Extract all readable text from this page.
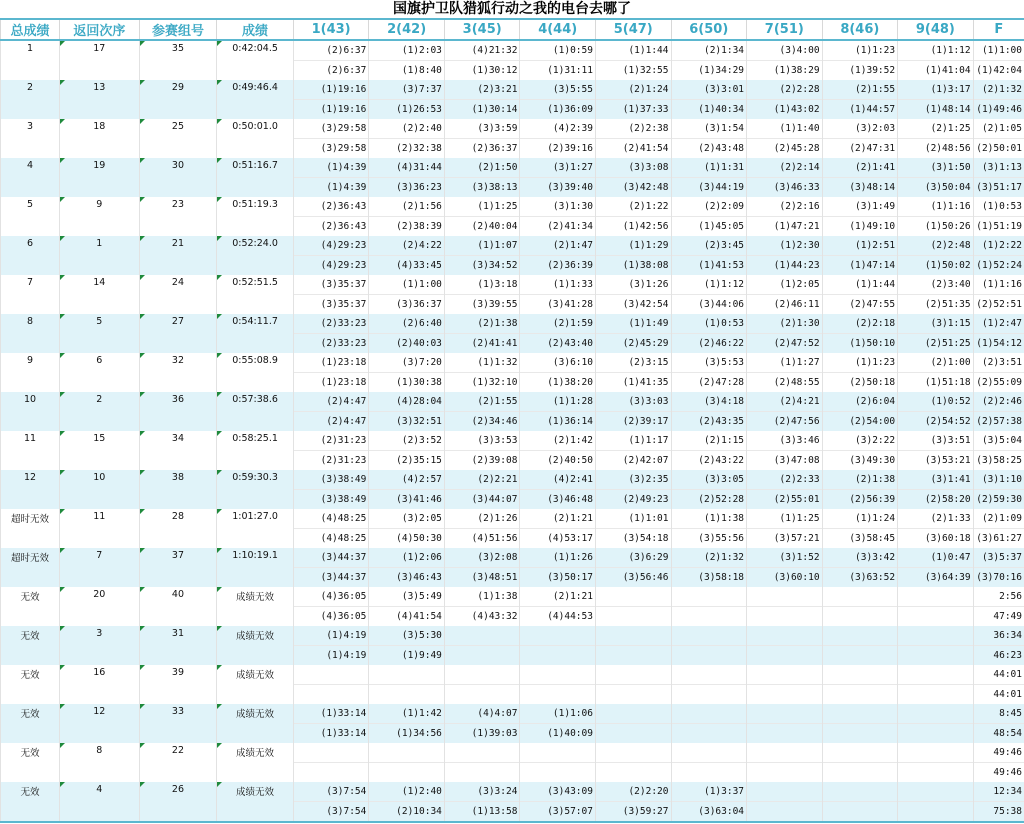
国旗护卫队猎狐行动之我的电台去哪了
总成绩	返回次序	参赛组号	成绩	1(43)	2(42)	3(45)	4(44)	5(47)	6(50)	7(51)	8(46)	9(48)	F
1	17	35	0:42:04.5	(2)6:37	(1)2:03	(4)21:32	(1)0:59	(1)1:44	(2)1:34	(3)4:00	(1)1:23	(1)1:12	(1)1:00
				(2)6:37	(1)8:40	(1)30:12	(1)31:11	(1)32:55	(1)34:29	(1)38:29	(1)39:52	(1)41:04	(1)42:04
2	13	29	0:49:46.4	(1)19:16	(3)7:37	(2)3:21	(3)5:55	(2)1:24	(3)3:01	(2)2:28	(2)1:55	(1)3:17	(2)1:32
				(1)19:16	(1)26:53	(1)30:14	(1)36:09	(1)37:33	(1)40:34	(1)43:02	(1)44:57	(1)48:14	(1)49:46
3	18	25	0:50:01.0	(3)29:58	(2)2:40	(3)3:59	(4)2:39	(2)2:38	(3)1:54	(1)1:40	(3)2:03	(2)1:25	(2)1:05
				(3)29:58	(2)32:38	(2)36:37	(2)39:16	(2)41:54	(2)43:48	(2)45:28	(2)47:31	(2)48:56	(2)50:01
4	19	30	0:51:16.7	(1)4:39	(4)31:44	(2)1:50	(3)1:27	(3)3:08	(1)1:31	(2)2:14	(2)1:41	(3)1:50	(3)1:13
				(1)4:39	(3)36:23	(3)38:13	(3)39:40	(3)42:48	(3)44:19	(3)46:33	(3)48:14	(3)50:04	(3)51:17
5	9	23	0:51:19.3	(2)36:43	(2)1:56	(1)1:25	(3)1:30	(2)1:22	(2)2:09	(2)2:16	(3)1:49	(1)1:16	(1)0:53
				(2)36:43	(2)38:39	(2)40:04	(2)41:34	(1)42:56	(1)45:05	(1)47:21	(1)49:10	(1)50:26	(1)51:19
6	1	21	0:52:24.0	(4)29:23	(2)4:22	(1)1:07	(2)1:47	(1)1:29	(2)3:45	(1)2:30	(1)2:51	(2)2:48	(1)2:22
				(4)29:23	(4)33:45	(3)34:52	(2)36:39	(1)38:08	(1)41:53	(1)44:23	(1)47:14	(1)50:02	(1)52:24
7	14	24	0:52:51.5	(3)35:37	(1)1:00	(1)3:18	(1)1:33	(3)1:26	(1)1:12	(1)2:05	(1)1:44	(2)3:40	(1)1:16
				(3)35:37	(3)36:37	(3)39:55	(3)41:28	(3)42:54	(3)44:06	(2)46:11	(2)47:55	(2)51:35	(2)52:51
8	5	27	0:54:11.7	(2)33:23	(2)6:40	(2)1:38	(2)1:59	(1)1:49	(1)0:53	(2)1:30	(2)2:18	(3)1:15	(1)2:47
				(2)33:23	(2)40:03	(2)41:41	(2)43:40	(2)45:29	(2)46:22	(2)47:52	(1)50:10	(2)51:25	(1)54:12
9	6	32	0:55:08.9	(1)23:18	(3)7:20	(1)1:32	(3)6:10	(2)3:15	(3)5:53	(1)1:27	(1)1:23	(2)1:00	(2)3:51
				(1)23:18	(1)30:38	(1)32:10	(1)38:20	(1)41:35	(2)47:28	(2)48:55	(2)50:18	(1)51:18	(2)55:09
10	2	36	0:57:38.6	(2)4:47	(4)28:04	(2)1:55	(1)1:28	(3)3:03	(3)4:18	(2)4:21	(2)6:04	(1)0:52	(2)2:46
				(2)4:47	(3)32:51	(2)34:46	(1)36:14	(2)39:17	(2)43:35	(2)47:56	(2)54:00	(2)54:52	(2)57:38
11	15	34	0:58:25.1	(2)31:23	(2)3:52	(3)3:53	(2)1:42	(1)1:17	(2)1:15	(3)3:46	(3)2:22	(3)3:51	(3)5:04
				(2)31:23	(2)35:15	(2)39:08	(2)40:50	(2)42:07	(2)43:22	(3)47:08	(3)49:30	(3)53:21	(3)58:25
12	10	38	0:59:30.3	(3)38:49	(4)2:57	(2)2:21	(4)2:41	(3)2:35	(3)3:05	(2)2:33	(2)1:38	(3)1:41	(3)1:10
				(3)38:49	(3)41:46	(3)44:07	(3)46:48	(2)49:23	(2)52:28	(2)55:01	(2)56:39	(2)58:20	(2)59:30
超时无效	11	28	1:01:27.0	(4)48:25	(3)2:05	(2)1:26	(2)1:21	(1)1:01	(1)1:38	(1)1:25	(1)1:24	(2)1:33	(2)1:09
				(4)48:25	(4)50:30	(4)51:56	(4)53:17	(3)54:18	(3)55:56	(3)57:21	(3)58:45	(3)60:18	(3)61:27
超时无效	7	37	1:10:19.1	(3)44:37	(1)2:06	(3)2:08	(1)1:26	(3)6:29	(2)1:32	(3)1:52	(3)3:42	(1)0:47	(3)5:37
				(3)44:37	(3)46:43	(3)48:51	(3)50:17	(3)56:46	(3)58:18	(3)60:10	(3)63:52	(3)64:39	(3)70:16
无效	20	40	成绩无效	(4)36:05	(3)5:49	(1)1:38	(2)1:21						2:56
				(4)36:05	(4)41:54	(4)43:32	(4)44:53						47:49
无效	3	31	成绩无效	(1)4:19	(3)5:30								36:34
				(1)4:19	(1)9:49								46:23
无效	16	39	成绩无效										44:01
													44:01
无效	12	33	成绩无效	(1)33:14	(1)1:42	(4)4:07	(1)1:06						8:45
				(1)33:14	(1)34:56	(1)39:03	(1)40:09						48:54
无效	8	22	成绩无效										49:46
													49:46
无效	4	26	成绩无效	(3)7:54	(1)2:40	(3)3:24	(3)43:09	(2)2:20	(1)3:37				12:34
				(3)7:54	(2)10:34	(1)13:58	(3)57:07	(3)59:27	(3)63:04				75:38
